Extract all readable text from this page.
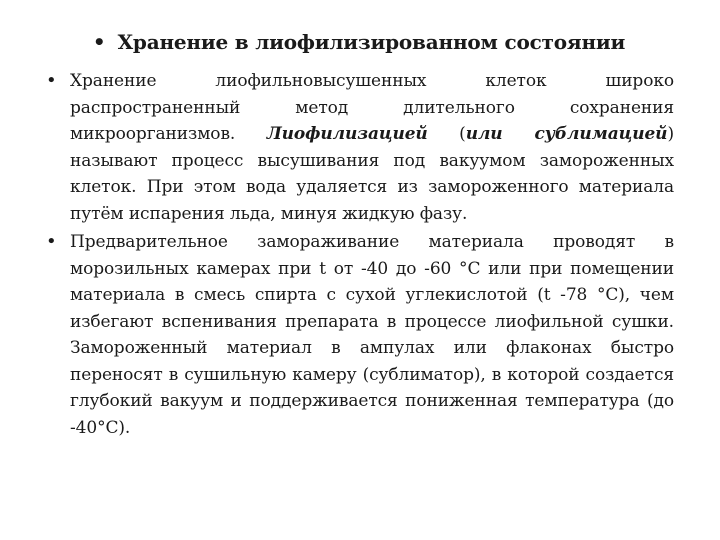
• Хранение в лиофилизированном состоянии
• Хранение лиофильновысушенных клеток широко распространенный метод длительного сохранения микроорганизмов. Лиофилизацией (или сублимацией) называют процесс высушивания под вакуумом замороженных клеток. При этом вода удаляется из замороженного материала путём испарения льда, минуя жидкую фазу.
• Предварительное замораживание материала проводят в морозильных камерах при t от -40 до -60 °С или при помещении материала в смесь спирта с сухой углекислотой (t -78 °С), чем избегают вспенивания препарата в процессе лиофильной сушки. Замороженный материал в ампулах или флаконах быстро переносят в сушильную камеру (сублиматор), в которой создается глубокий вакуум и поддерживается пониженная температура (до -40°С).
